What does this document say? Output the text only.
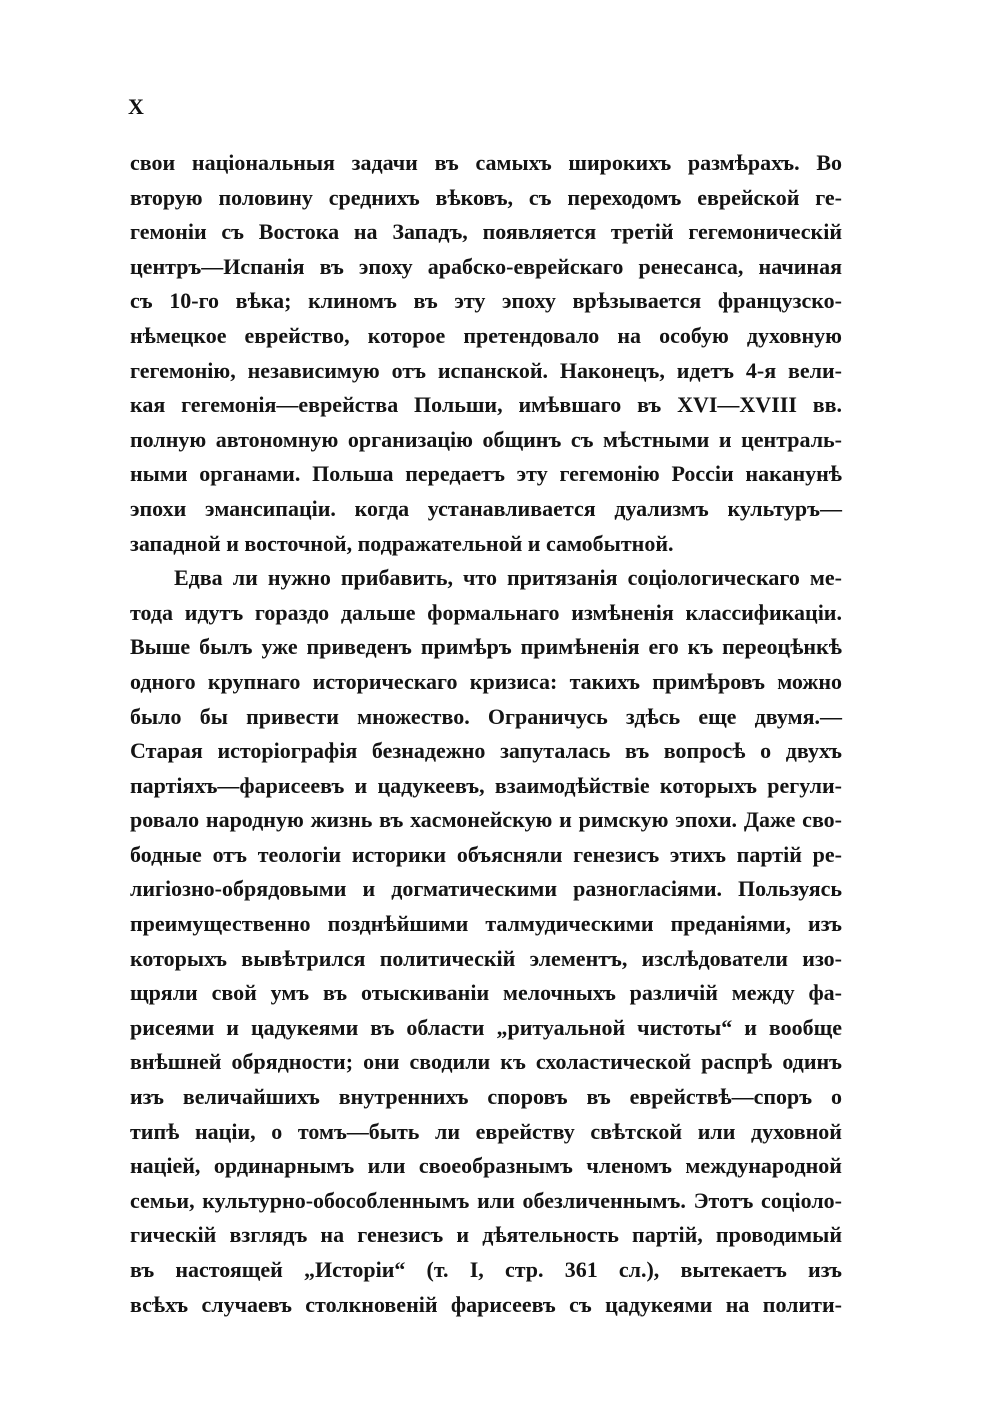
X
свои національныя задачи въ самыхъ широкихъ размѣрахъ. Во
вторую половину среднихъ вѣковъ, съ переходомъ еврейской ге-
гемоніи съ Востока на Западъ, появляется третій гегемоническій
центръ—Испанія въ эпоху арабско-еврейскаго ренесанса, начиная
съ 10-го вѣка; клиномъ въ эту эпоху врѣзывается французско-
нѣмецкое еврейство, которое претендовало на особую духовную
гегемонію, независимую отъ испанской. Наконецъ, идетъ 4-я вели-
кая гегемонія—еврейства Польши, имѣвшаго въ XVI—XVIII вв.
полную автономную организацію общинъ съ мѣстными и централь-
ными органами. Польша передаетъ эту гегемонію Россіи наканунѣ
эпохи эмансипаціи. когда устанавливается дуализмъ культуръ—
западной и восточной, подражательной и самобытной.
Едва ли нужно прибавить, что притязанія соціологическаго ме-
тода идутъ гораздо дальше формальнаго измѣненія классификаціи.
Выше былъ уже приведенъ примѣръ примѣненія его къ переоцѣнкѣ
одного крупнаго историческаго кризиса: такихъ примѣровъ можно
было бы привести множество. Ограничусь здѣсь еще двумя.—
Старая исторіографія безнадежно запуталась въ вопросѣ о двухъ
партіяхъ—фарисеевъ и цадукеевъ, взаимодѣйствіе которыхъ регули-
ровало народную жизнь въ хасмонейскую и римскую эпохи. Даже сво-
бодные отъ теологіи историки объясняли генезисъ этихъ партій ре-
лигіозно-обрядовыми и догматическими разногласіями. Пользуясь
преимущественно позднѣйшими талмудическими преданіями, изъ
которыхъ вывѣтрился политическій элементъ, изслѣдователи изо-
щряли свой умъ въ отыскиваніи мелочныхъ различій между фа-
рисеями и цадукеями въ области „ритуальной чистоты“ и вообще
внѣшней обрядности; они сводили къ схоластической распрѣ одинъ
изъ величайшихъ внутреннихъ споровъ въ еврействѣ—споръ о
типѣ націи, о томъ—быть ли еврейству свѣтской или духовной
націей, ординарнымъ или своеобразнымъ членомъ международной
семьи, культурно-обособленнымъ или обезличеннымъ. Этотъ соціоло-
гическій взглядъ на генезисъ и дѣятельность партій, проводимый
въ настоящей „Исторіи“ (т. I, стр. 361 сл.), вытекаетъ изъ
всѣхъ случаевъ столкновеній фарисеевъ съ цадукеями на полити-
